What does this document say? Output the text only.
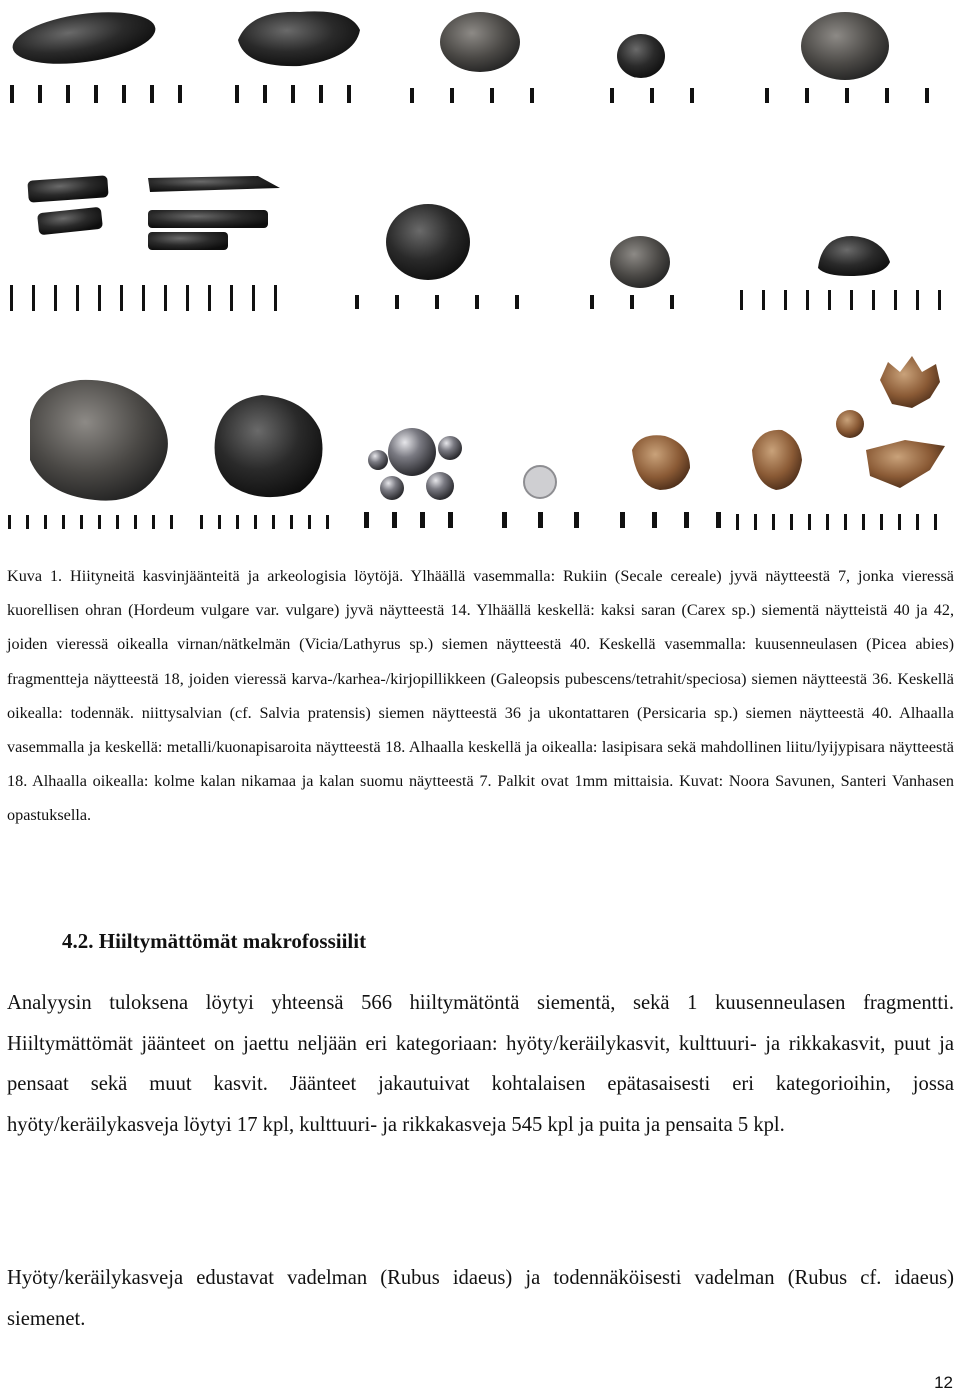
Kuva 1. Hiityneitä kasvinjäänteitä ja arkeologisia löytöjä. Ylhäällä vasemmalla: Rukiin (Secale cereale) jyvä näytteestä 7, jonka vieressä kuorellisen ohran (Hordeum vulgare var. vulgare) jyvä näytteestä 14. Ylhäällä keskellä: kaksi saran (Carex sp.) siementä näytteistä 40 ja 42, joiden vieressä oikealla virnan/nätkelmän (Vicia/Lathyrus sp.) siemen näytteestä 40. Keskellä vasemmalla: kuusenneulasen (Picea abies) fragmentteja näytteestä 18, joiden vieressä karva-/karhea-/kirjopillikkeen (Galeopsis pubescens/tetrahit/speciosa) siemen näytteestä 36. Keskellä oikealla: todennäk. niittysalvian (cf. Salvia pratensis) siemen näytteestä 36 ja ukontattaren (Persicaria sp.) siemen näytteestä 40. Alhaalla vasemmalla ja keskellä: metalli/kuonapisaroita näytteestä 18. Alhaalla keskellä ja oikealla: lasipisara sekä mahdollinen liitu/lyijypisara näytteestä 18. Alhaalla oikealla: kolme kalan nikamaa ja kalan suomu näytteestä 7. Palkit ovat 1mm mittaisia. Kuvat: Noora Savunen, Santeri Vanhasen opastuksella.
4.2. Hiiltymättömät makrofossiilit

Analyysin tuloksena löytyi yhteensä 566 hiiltymätöntä siementä, sekä 1 kuusenneulasen fragmentti. Hiiltymättömät jäänteet on jaettu neljään eri kategoriaan: hyöty/keräilykasvit, kulttuuri- ja rikkakasvit, puut ja pensaat sekä muut kasvit. Jäänteet jakautuivat kohtalaisen epätasaisesti eri kategorioihin, jossa hyöty/keräilykasveja löytyi 17 kpl, kulttuuri- ja rikkakasveja 545 kpl ja puita ja pensaita 5 kpl.

Hyöty/keräilykasveja edustavat vadelman (Rubus idaeus) ja todennäköisesti vadelman (Rubus cf. idaeus) siemenet.

12
